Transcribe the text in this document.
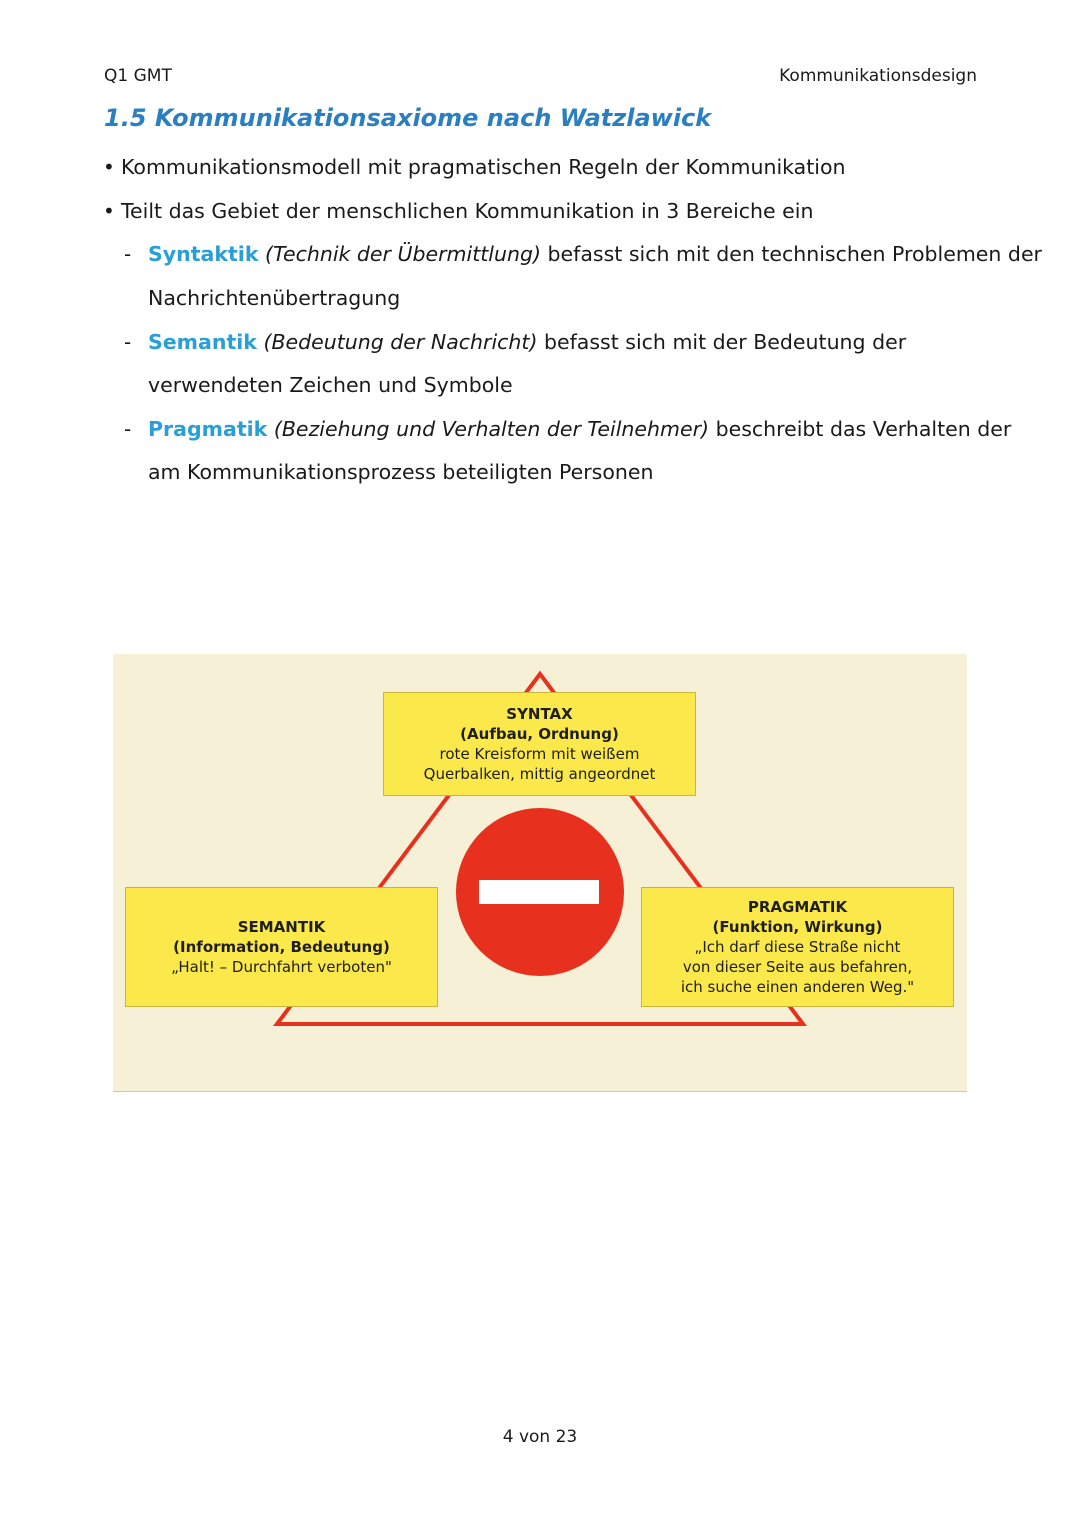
Q1 GMT	Kommunikationsdesign
1.5 Kommunikationsaxiome nach Watzlawick
• Kommunikationsmodell mit pragmatischen Regeln der Kommunikation
• Teilt das Gebiet der menschlichen Kommunikation in 3 Bereiche ein
- Syntaktik (Technik der Übermittlung) befasst sich mit den technischen Problemen der
Nachrichtenübertragung
- Semantik (Bedeutung der Nachricht) befasst sich mit der Bedeutung der
verwendeten Zeichen und Symbole
- Pragmatik (Beziehung und Verhalten der Teilnehmer) beschreibt das Verhalten der
am Kommunikationsprozess beteiligten Personen
SYNTAX
(Aufbau, Ordnung)
rote Kreisform mit weißem
Querbalken, mittig angeordnet
SEMANTIK
(Information, Bedeutung)
„Halt! – Durchfahrt verboten"
PRAGMATIK
(Funktion, Wirkung)
„Ich darf diese Straße nicht
von dieser Seite aus befahren,
ich suche einen anderen Weg."
4 von 23
